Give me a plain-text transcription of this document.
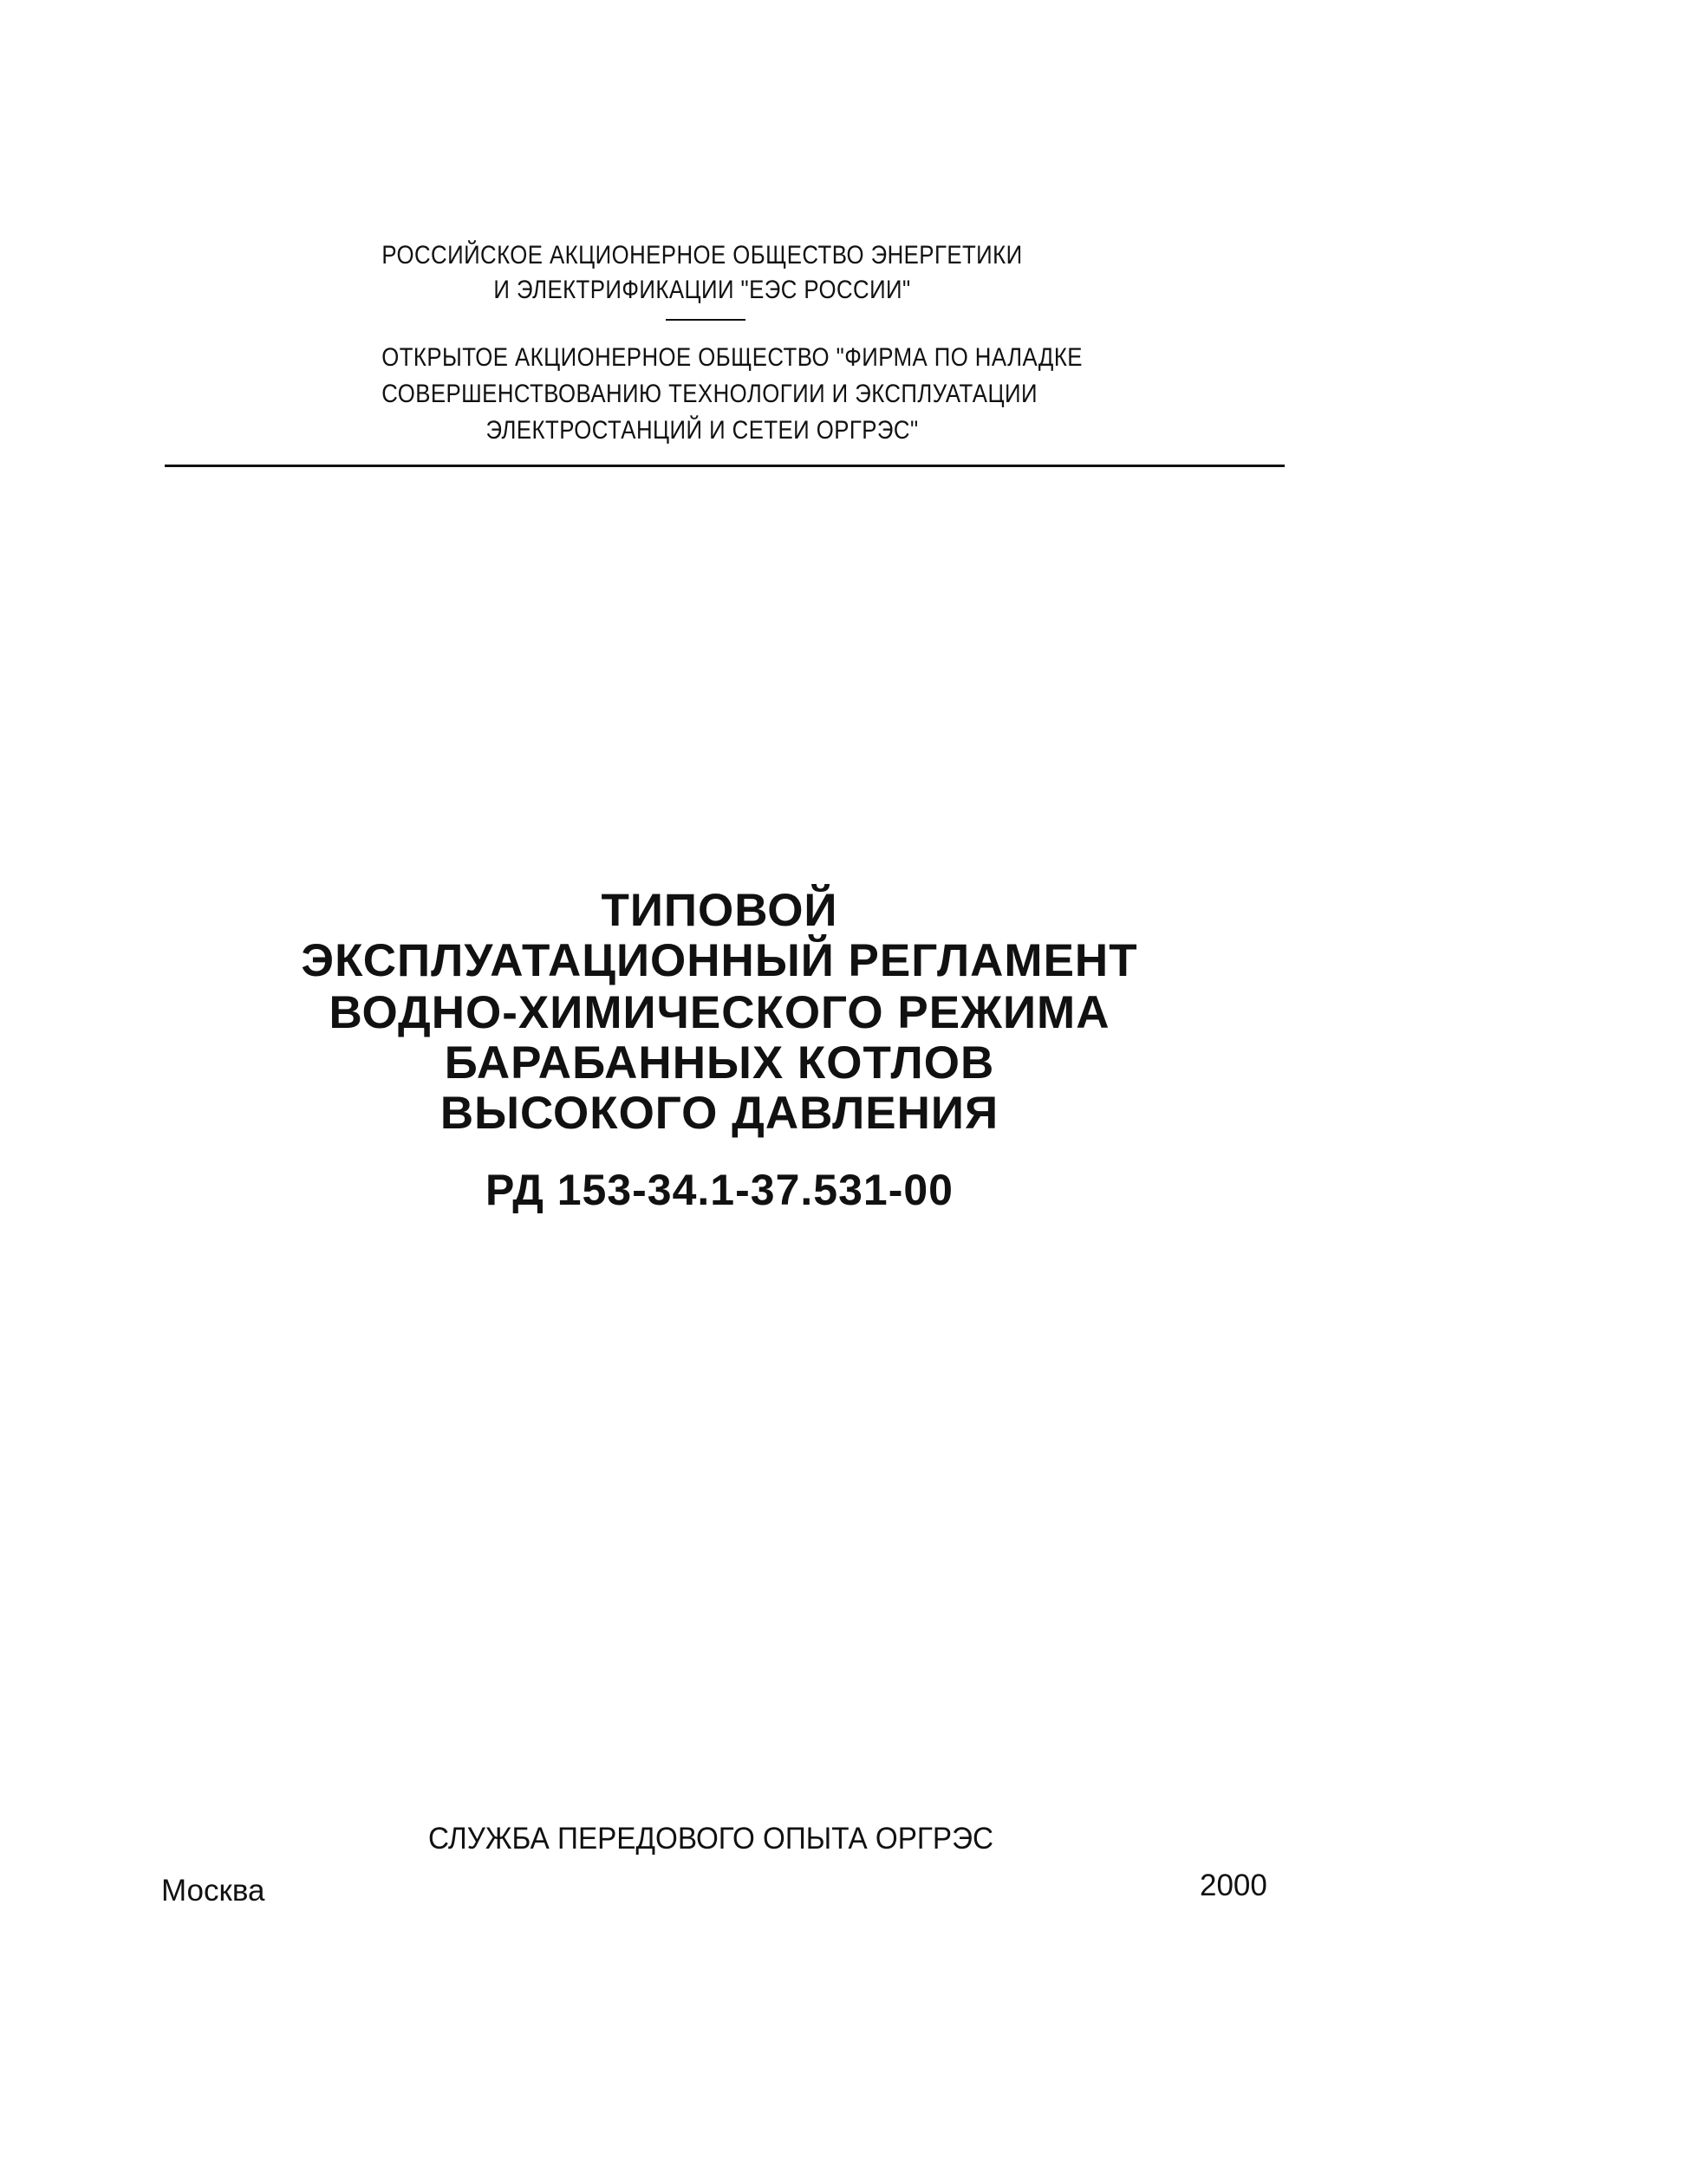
РОССИЙСКОЕ АКЦИОНЕРНОЕ ОБЩЕСТВО ЭНЕРГЕТИКИ
И ЭЛЕКТРИФИКАЦИИ "ЕЭС РОССИИ"
ОТКРЫТОЕ АКЦИОНЕРНОЕ ОБЩЕСТВО "ФИРМА ПО НАЛАДКЕ
СОВЕРШЕНСТВОВАНИЮ ТЕХНОЛОГИИ И ЭКСПЛУАТАЦИИ
ЭЛЕКТРОСТАНЦИЙ И СЕТЕИ ОРГРЭС"
ТИПОВОЙ
ЭКСПЛУАТАЦИОННЫЙ РЕГЛАМЕНТ
ВОДНО-ХИМИЧЕСКОГО РЕЖИМА
БАРАБАННЫХ КОТЛОВ
ВЫСОКОГО ДАВЛЕНИЯ
РД 153-34.1-37.531-00
СЛУЖБА ПЕРЕДОВОГО ОПЫТА ОРГРЭС
Москва	2000
